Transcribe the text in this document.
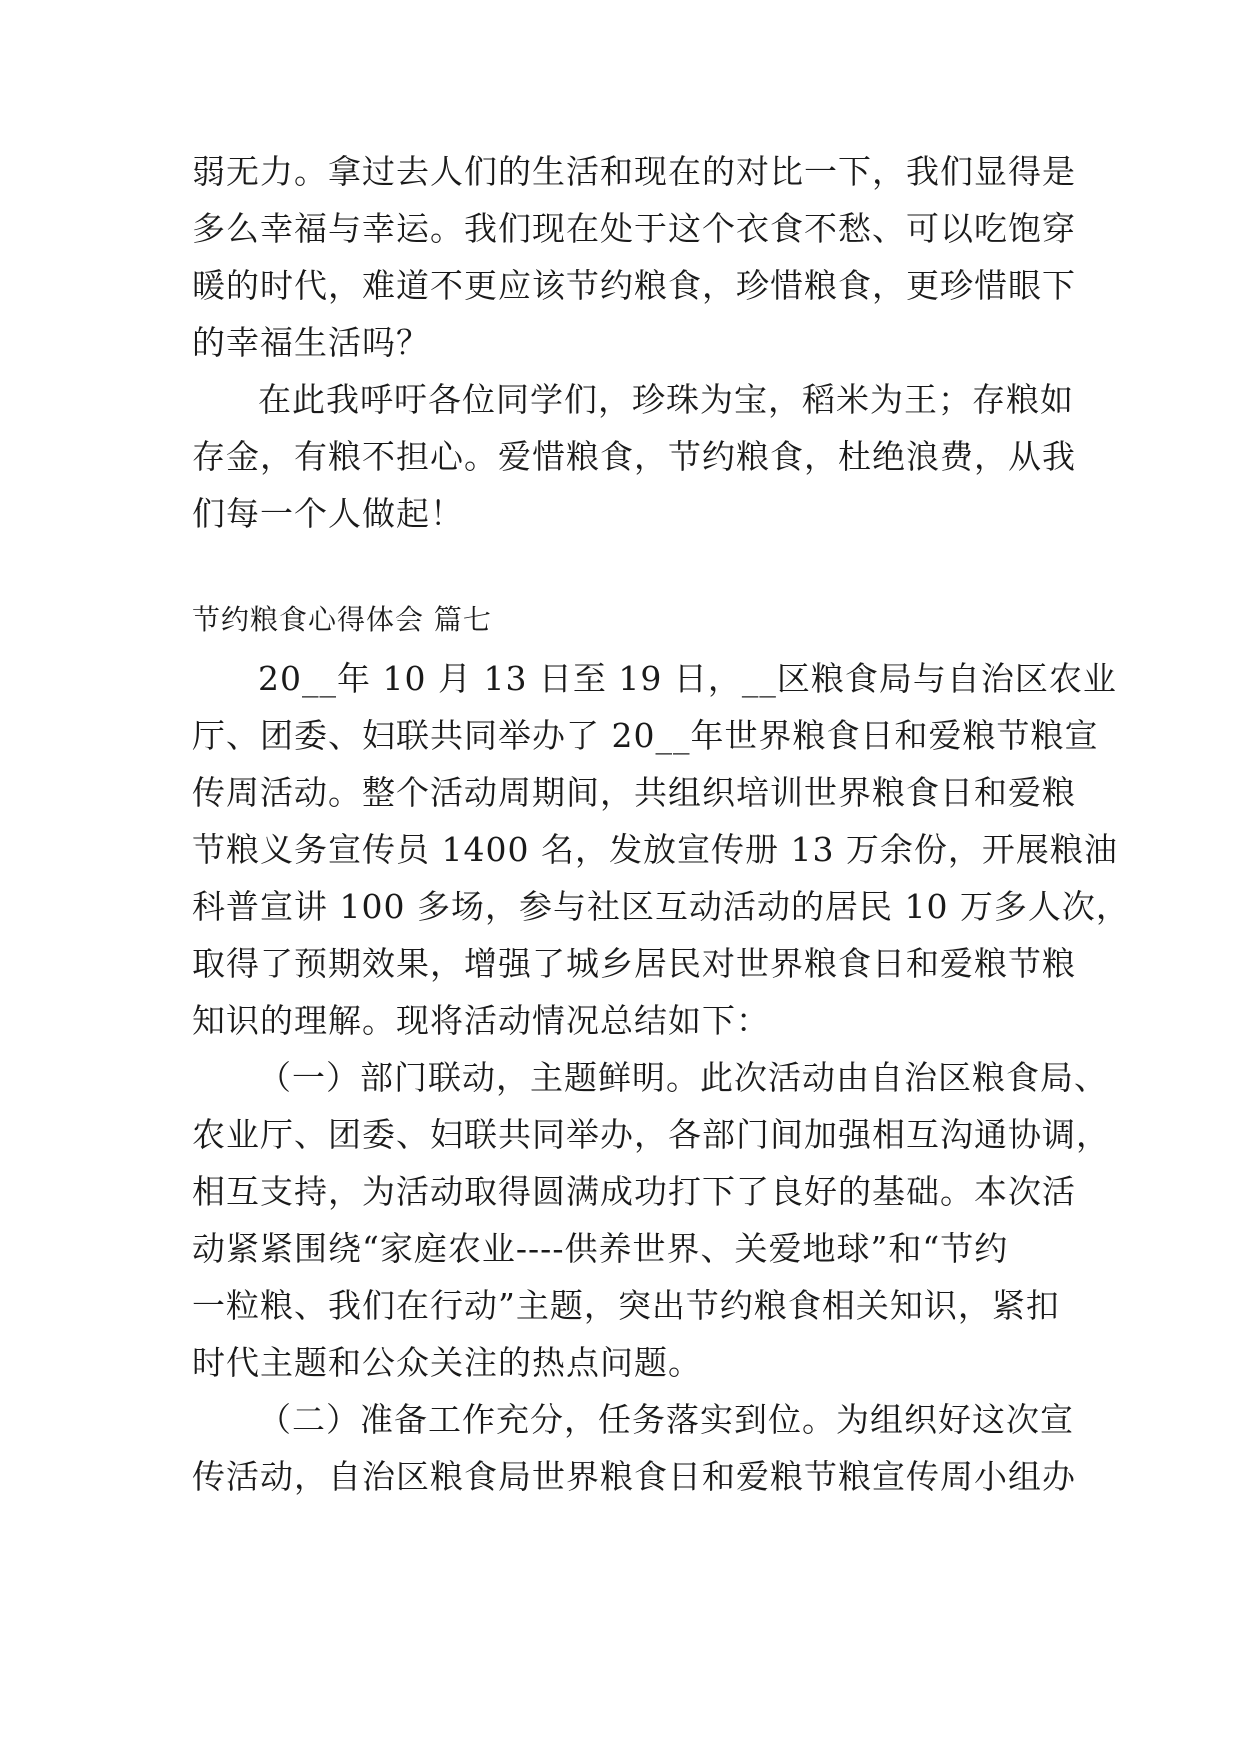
弱无力。拿过去人们的生活和现在的对比一下，我们显得是
多么幸福与幸运。我们现在处于这个衣食不愁、可以吃饱穿
暖的时代，难道不更应该节约粮食，珍惜粮食，更珍惜眼下
的幸福生活吗？
在此我呼吁各位同学们，珍珠为宝，稻米为王；存粮如
存金，有粮不担心。爱惜粮食，节约粮食，杜绝浪费，从我
们每一个人做起！
节约粮食心得体会 篇七
20__年 10 月 13 日至 19 日，__区粮食局与自治区农业
厅、团委、妇联共同举办了 20__年世界粮食日和爱粮节粮宣
传周活动。整个活动周期间，共组织培训世界粮食日和爱粮
节粮义务宣传员 1400 名，发放宣传册 13 万余份，开展粮油
科普宣讲 100 多场，参与社区互动活动的居民 10 万多人次，
取得了预期效果，增强了城乡居民对世界粮食日和爱粮节粮
知识的理解。现将活动情况总结如下：
（一）部门联动，主题鲜明。此次活动由自治区粮食局、
农业厅、团委、妇联共同举办，各部门间加强相互沟通协调，
相互支持，为活动取得圆满成功打下了良好的基础。本次活
动紧紧围绕“家庭农业----供养世界、关爱地球”和“节约
一粒粮、我们在行动”主题，突出节约粮食相关知识，紧扣
时代主题和公众关注的热点问题。
（二）准备工作充分，任务落实到位。为组织好这次宣
传活动，自治区粮食局世界粮食日和爱粮节粮宣传周小组办
